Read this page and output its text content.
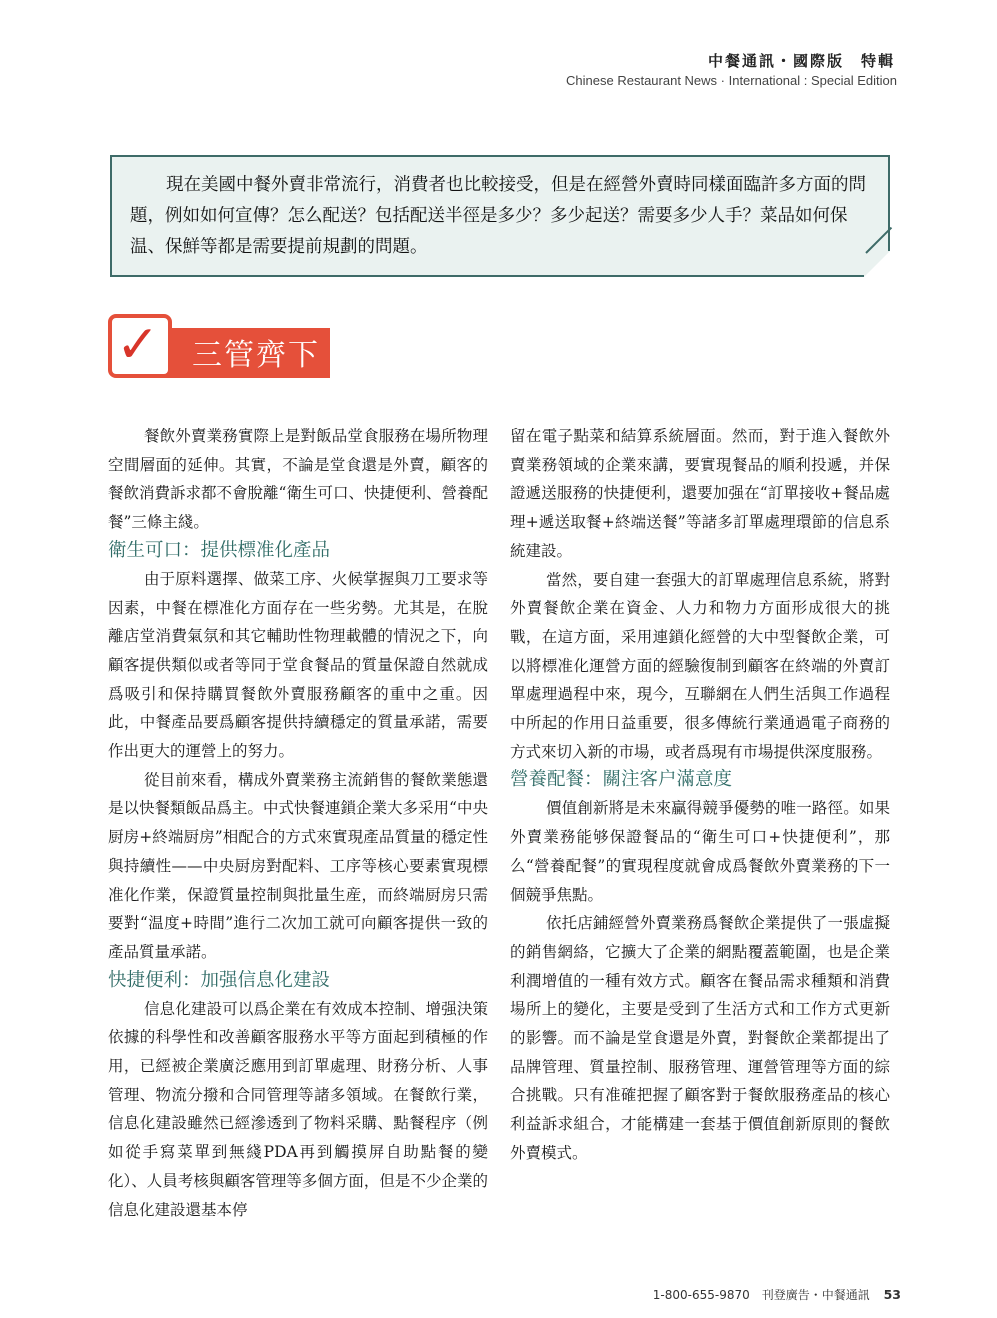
中餐通訊・國際版　特輯
Chinese Restaurant News · International : Special Edition
現在美國中餐外賣非常流行，消費者也比較接受，但是在經營外賣時同樣面臨許多方面的問題，例如如何宣傳？怎么配送？包括配送半徑是多少？多少起送？需要多少人手？菜品如何保温、保鮮等都是需要提前規劃的問題。
✓ 三管齊下

餐飲外賣業務實際上是對飯品堂食服務在場所物理空間層面的延伸。其實，不論是堂食還是外賣，顧客的餐飲消費訴求都不會脫離“衛生可口、快捷便利、營養配餐”三條主綫。

衛生可口：提供標准化產品

由于原料選擇、做菜工序、火候掌握與刀工要求等因素，中餐在標准化方面存在一些劣勢。尤其是，在脫離店堂消費氣氛和其它輔助性物理載體的情況之下，向顧客提供類似或者等同于堂食餐品的質量保證自然就成爲吸引和保持購買餐飲外賣服務顧客的重中之重。因此，中餐產品要爲顧客提供持續穩定的質量承諾，需要作出更大的運營上的努力。

從目前來看，構成外賣業務主流銷售的餐飲業態還是以快餐類飯品爲主。中式快餐連鎖企業大多采用“中央厨房+終端厨房”相配合的方式來實現產品質量的穩定性與持續性——中央厨房對配料、工序等核心要素實現標准化作業，保證質量控制與批量生産，而終端厨房只需要對“温度+時間”進行二次加工就可向顧客提供一致的產品質量承諾。

快捷便利：加强信息化建設

信息化建設可以爲企業在有效成本控制、增强決策依據的科學性和改善顧客服務水平等方面起到積極的作用，已經被企業廣泛應用到訂單處理、財務分析、人事管理、物流分撥和合同管理等諸多領域。在餐飲行業，信息化建設雖然已經滲透到了物料采購、點餐程序（例如從手寫菜單到無綫PDA再到觸摸屏自助點餐的變化）、人員考核與顧客管理等多個方面，但是不少企業的信息化建設還基本停

留在電子點菜和結算系統層面。然而，對于進入餐飲外賣業務領域的企業來講，要實現餐品的順利投遞，并保證遞送服務的快捷便利，還要加强在“訂單接收+餐品處理+遞送取餐+終端送餐”等諸多訂單處理環節的信息系統建設。

當然，要自建一套强大的訂單處理信息系統，將對外賣餐飲企業在資金、人力和物力方面形成很大的挑戰，在這方面，采用連鎖化經營的大中型餐飲企業，可以將標准化運營方面的經驗復制到顧客在終端的外賣訂單處理過程中來，現今，互聯網在人們生活與工作過程中所起的作用日益重要，很多傳統行業通過電子商務的方式來切入新的市場，或者爲現有市場提供深度服務。

營養配餐：關注客户滿意度

價值創新將是未來贏得競爭優勢的唯一路徑。如果外賣業務能够保證餐品的“衛生可口+快捷便利”，那么“營養配餐”的實現程度就會成爲餐飲外賣業務的下一個競爭焦點。

依托店鋪經營外賣業務爲餐飲企業提供了一張虛擬的銷售網絡，它擴大了企業的網點覆蓋範圍，也是企業利潤增值的一種有效方式。顧客在餐品需求種類和消費場所上的變化，主要是受到了生活方式和工作方式更新的影響。而不論是堂食還是外賣，對餐飲企業都提出了品牌管理、質量控制、服務管理、運營管理等方面的綜合挑戰。只有准確把握了顧客對于餐飲服務產品的核心利益訴求組合，才能構建一套基于價值創新原則的餐飲外賣模式。

1-800-655-9870　刊登廣告・中餐通訊 53
